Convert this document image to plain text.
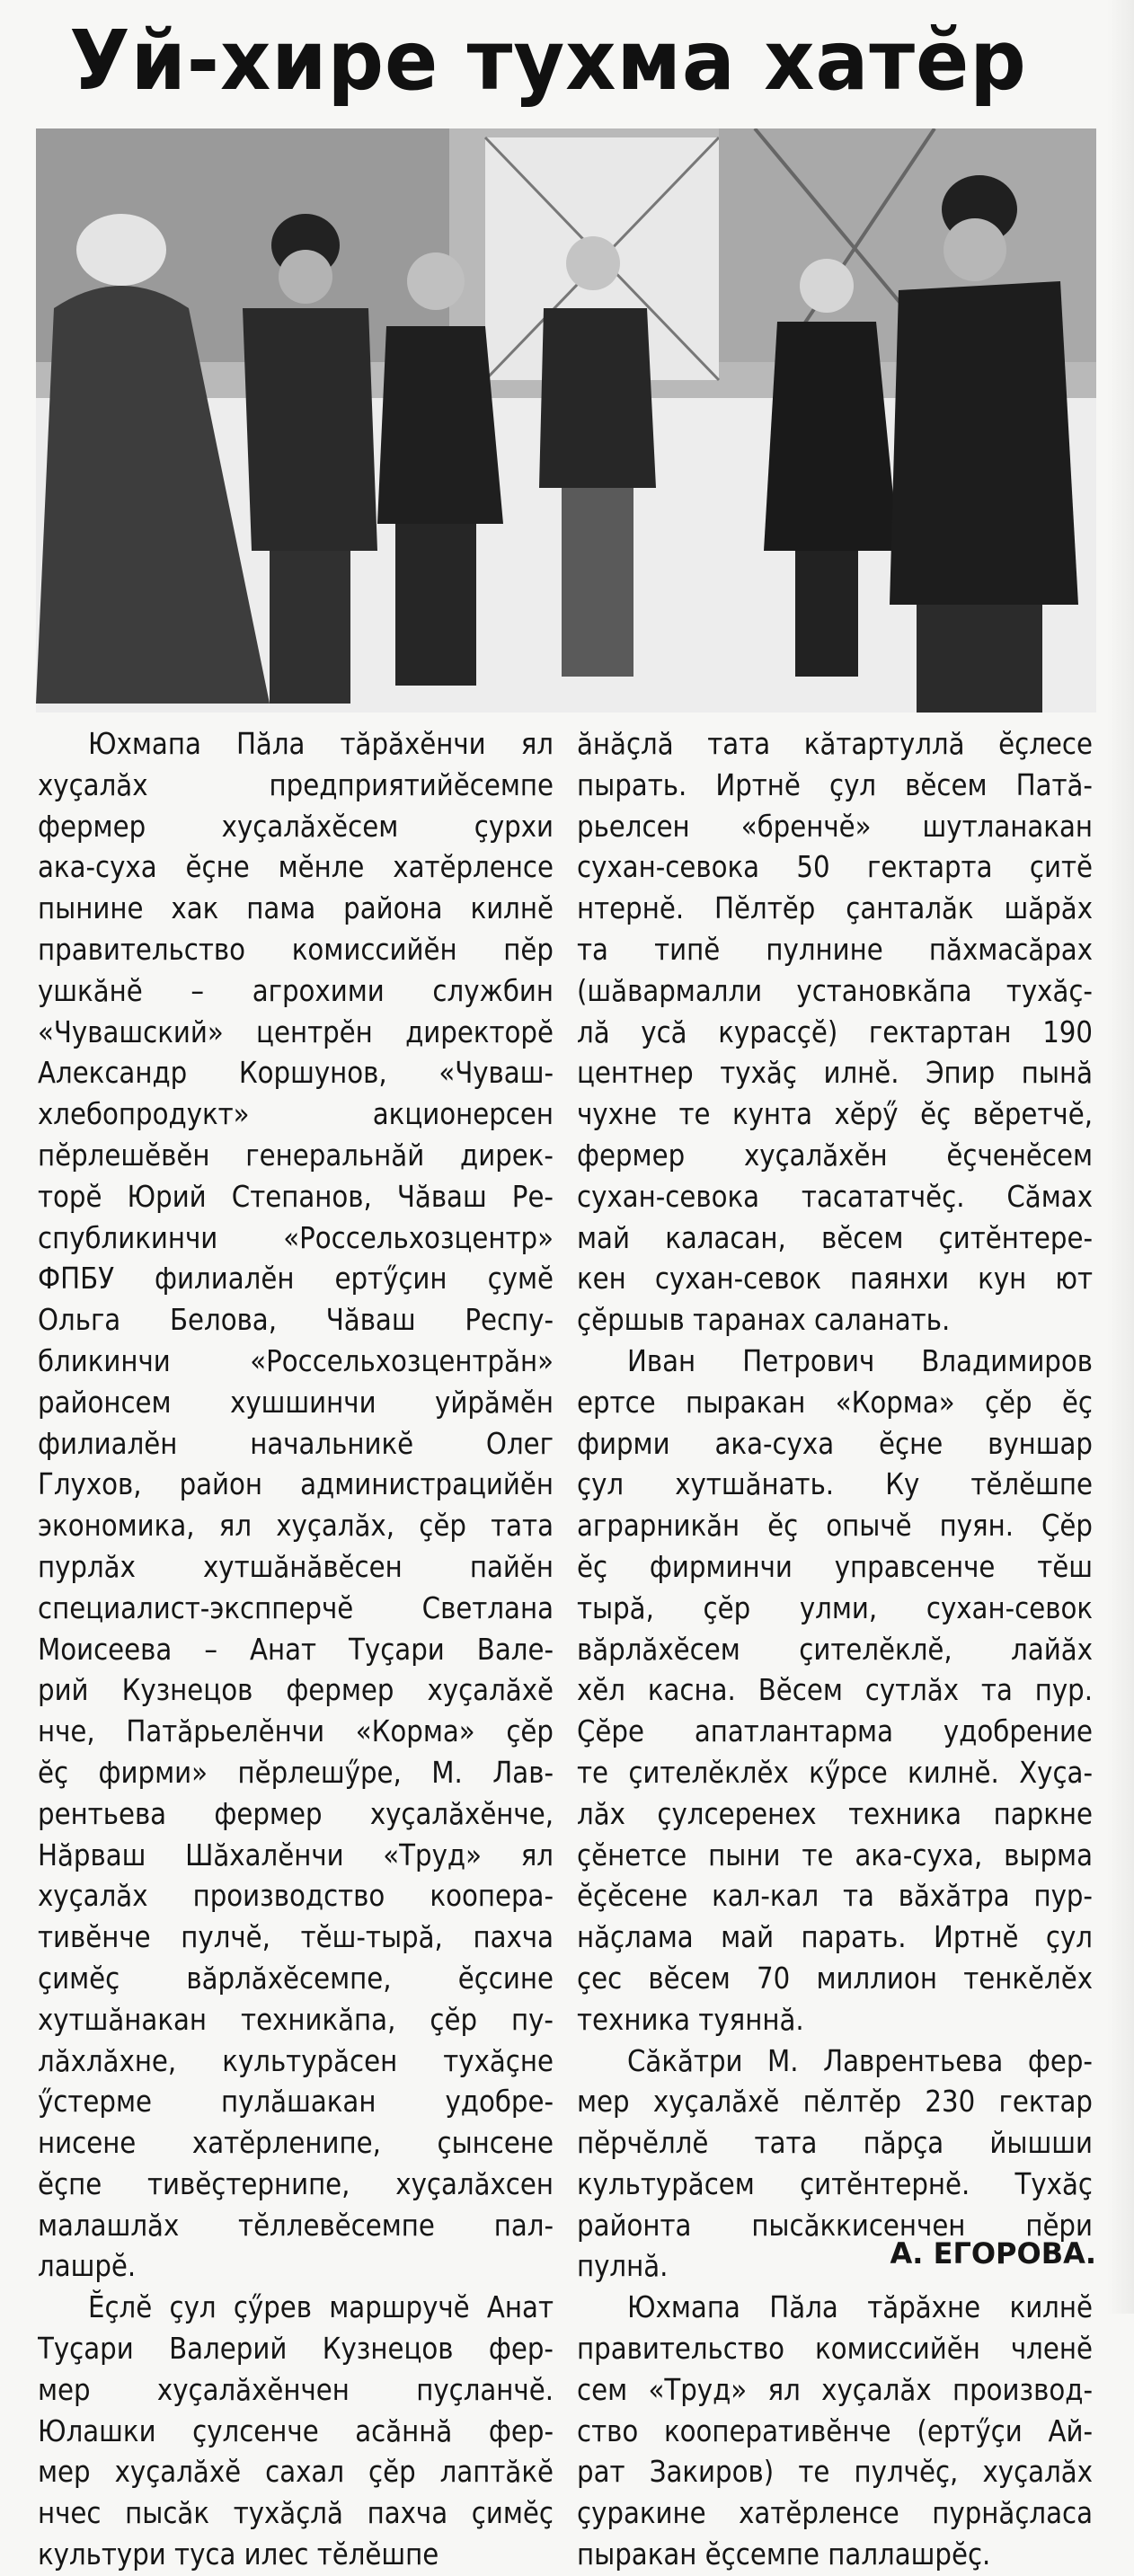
Уй-хире тухма хатĕр
Юхмапа Пăла тăрăхĕнчи ял
хуçалăх предприятийĕсемпе
фермер хуçалăхĕсем çурхи
ака-суха ĕçне мĕнле хатĕрленсе
пынине хак пама района килнĕ
правительство комиссийĕн пĕр
ушкăнĕ – агрохими службин
«Чувашский» центрĕн директорĕ
Александр Коршунов, «Чуваш-
хлебопродукт» акционерсен
пĕрлешĕвĕн генеральнăй дирек-
торĕ Юрий Степанов, Чăваш Ре-
спубликинчи «Россельхозцентр»
ФПБУ филиалĕн ертӳçин çумĕ
Ольга Белова, Чăваш Респу-
бликинчи «Россельхозцентрăн»
районсем хушшинчи уйрăмĕн
филиалĕн начальникĕ Олег
Глухов, район администрацийĕн
экономика, ял хуçалăх, çĕр тата
пурлăх хутшăнăвĕсен пайĕн
специалист-экспперчĕ Светлана
Моисеева – Анат Туçари Вале-
рий Кузнецов фермер хуçалăхĕ
нче, Патăрьелĕнчи «Корма» çĕр
ĕç фирми» пĕрлешӳре, М. Лав-
рентьева фермер хуçалăхĕнче,
Нăрваш Шăхалĕнчи «Труд» ял
хуçалăх производство коопера-
тивĕнче пулчĕ, тĕш-тырă, пахча
çимĕç вăрлăхĕсемпе, ĕçсине
хутшăнакан техникăпа, çĕр пу-
лăхлăхне, культурăсен тухăçне
ӳстерме пулăшакан удобре-
нисене хатĕрленипе, çынсене
ĕçпе тивĕçтернипе, хуçалăхсен
малашлăх тĕллевĕсемпе пал-
лашрĕ.
Ĕçлĕ çул çӳрев маршручĕ Анат
Туçари Валерий Кузнецов фер-
мер хуçалăхĕнчен пуçланчĕ.
Юлашки çулсенче асăннă фер-
мер хуçалăхĕ сахал çĕр лаптăкĕ
нчес пысăк тухăçлă пахча çимĕç
культури туса илес тĕлĕшпе
ăнăçлă тата кăтартуллă ĕçлесе
пырать. Иртнĕ çул вĕсем Патă-
рьелсен «бренчĕ» шутланакан
сухан-севока 50 гектарта çитĕ
нтернĕ. Пĕлтĕр çанталăк шăрăх
та типĕ пулнине пăхмасăрах
(шăвармалли установкăпа тухăç-
лă усă курасçĕ) гектартан 190
центнер тухăç илнĕ. Эпир пынă
чухне те кунта хĕрӳ ĕç вĕретчĕ,
фермер хуçалăхĕн ĕçченĕсем
сухан-севока тасататчĕç. Сăмах
май каласан, вĕсем çитĕнтере-
кен сухан-севок паянхи кун ют
çĕршыв таранах саланать.
Иван Петрович Владимиров
ертсе пыракан «Корма» çĕр ĕç
фирми ака-суха ĕçне вуншар
çул хутшăнать. Ку тĕлĕшпе
аграрникăн ĕç опычĕ пуян. Çĕр
ĕç фирминчи управсенче тĕш
тырă, çĕр улми, сухан-севок
вăрлăхĕсем çителĕклĕ, лайăх
хĕл касна. Вĕсем сутлăх та пур.
Çĕре апатлантарма удобрение
те çителĕклĕх кӳрсе килнĕ. Хуçа-
лăх çулсеренех техника паркне
çĕнетсе пыни те ака-суха, вырма
ĕçĕсене кал-кал та вăхăтра пур-
нăçлама май парать. Иртнĕ çул
çес вĕсем 70 миллион тенкĕлĕх
техника туяннă.
Сăкăтри М. Лаврентьева фер-
мер хуçалăхĕ пĕлтĕр 230 гектар
пĕрчĕллĕ тата пăрçа йышши
культурăсем çитĕнтернĕ. Тухăç
районта пысăккисенчен пĕри
пулнă.
Юхмапа Пăла тăрăхне килнĕ
правительство комиссийĕн членĕ
сем «Труд» ял хуçалăх производ-
ство кооперативĕнче (ертӳçи Ай-
рат Закиров) те пулчĕç, хуçалăх
çуракине хатĕрленсе пурнăçласа
пыракан ĕçсемпе паллашрĕç.
А. ЕГОРОВА.
